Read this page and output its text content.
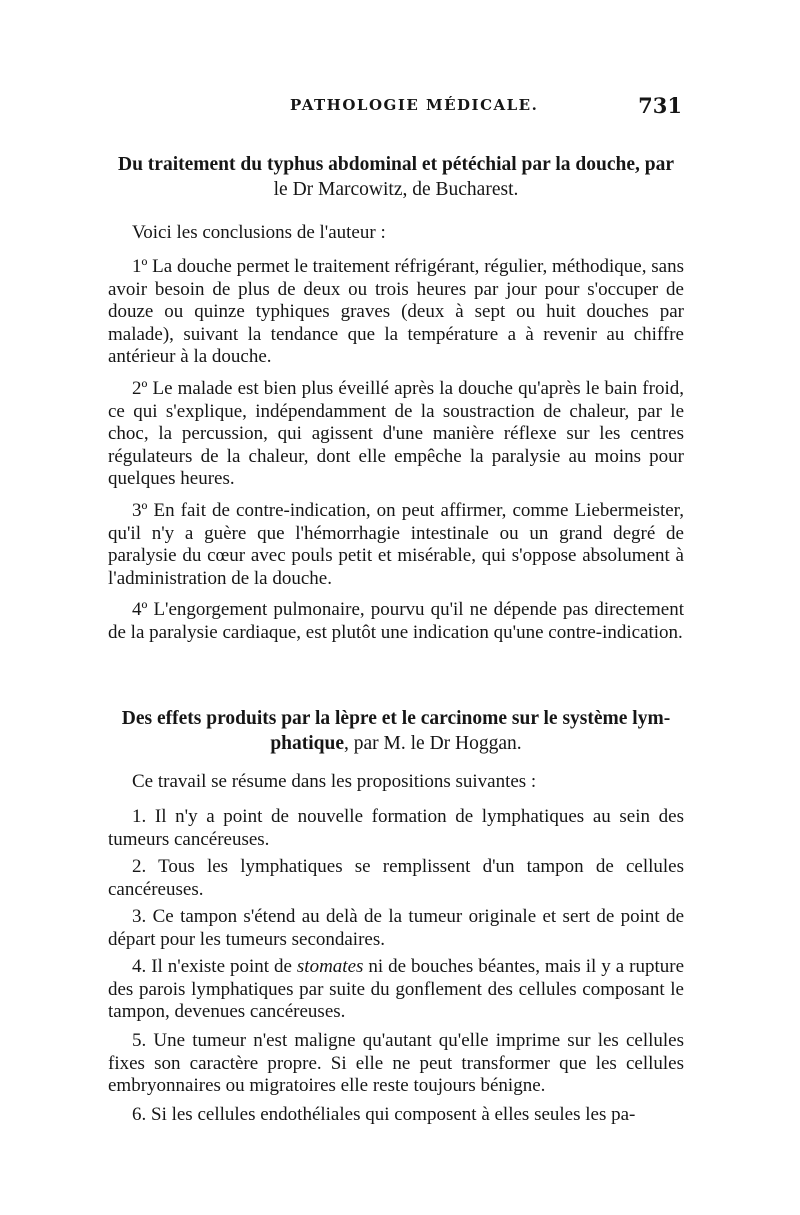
PATHOLOGIE MÉDICALE.	731
Du traitement du typhus abdominal et pétéchial par la douche, par
le Dr Marcowitz, de Bucharest.

Voici les conclusions de l'auteur :

1º La douche permet le traitement réfrigérant, régulier, méthodique, sans avoir besoin de plus de deux ou trois heures par jour pour s'occuper de douze ou quinze typhiques graves (deux à sept ou huit douches par malade), suivant la tendance que la température a à revenir au chiffre antérieur à la douche.

2º Le malade est bien plus éveillé après la douche qu'après le bain froid, ce qui s'explique, indépendamment de la soustraction de chaleur, par le choc, la percussion, qui agissent d'une manière réflexe sur les centres régulateurs de la chaleur, dont elle empêche la paralysie au moins pour quelques heures.

3º En fait de contre-indication, on peut affirmer, comme Liebermeister, qu'il n'y a guère que l'hémorrhagie intestinale ou un grand degré de paralysie du cœur avec pouls petit et misérable, qui s'oppose absolument à l'administration de la douche.

4º L'engorgement pulmonaire, pourvu qu'il ne dépende pas directement de la paralysie cardiaque, est plutôt une indication qu'une contre-indication.

Des effets produits par la lèpre et le carcinome sur le système lym-
phatique, par M. le Dr Hoggan.

Ce travail se résume dans les propositions suivantes :

1. Il n'y a point de nouvelle formation de lymphatiques au sein des tumeurs cancéreuses.

2. Tous les lymphatiques se remplissent d'un tampon de cellules cancéreuses.

3. Ce tampon s'étend au delà de la tumeur originale et sert de point de départ pour les tumeurs secondaires.

4. Il n'existe point de stomates ni de bouches béantes, mais il y a rupture des parois lymphatiques par suite du gonflement des cellules composant le tampon, devenues cancéreuses.

5. Une tumeur n'est maligne qu'autant qu'elle imprime sur les cellules fixes son caractère propre. Si elle ne peut transformer que les cellules embryonnaires ou migratoires elle reste toujours bénigne.

6. Si les cellules endothéliales qui composent à elles seules les pa-
